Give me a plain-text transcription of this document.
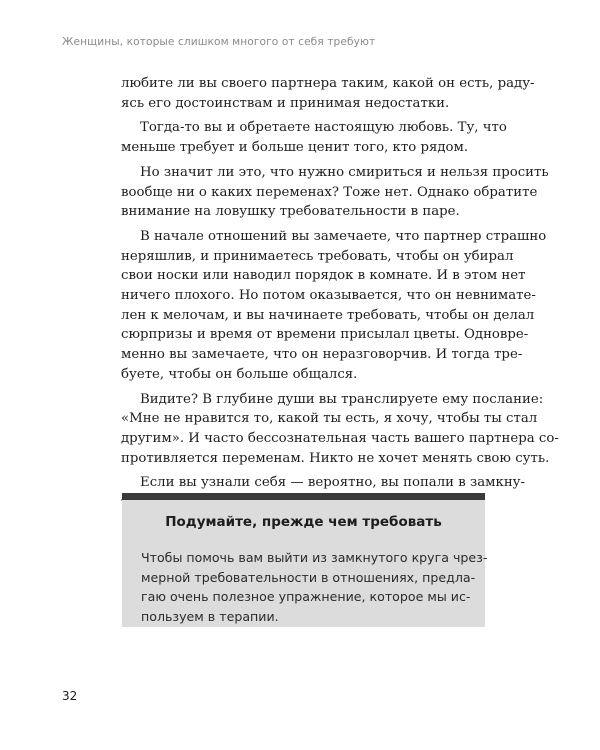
Женщины, которые слишком многого от себя требуют

любите ли вы своего партнера таким, какой он есть, раду-
ясь его достоинствам и принимая недостатки.

Тогда-то вы и обретаете настоящую любовь. Ту, что
меньше требует и больше ценит того, кто рядом.

Но значит ли это, что нужно смириться и нельзя просить
вообще ни о каких переменах? Тоже нет. Однако обратите
внимание на ловушку требовательности в паре.

В начале отношений вы замечаете, что партнер страшно
неряшлив, и принимаетесь требовать, чтобы он убирал
свои носки или наводил порядок в комнате. И в этом нет
ничего плохого. Но потом оказывается, что он невнимате-
лен к мелочам, и вы начинаете требовать, чтобы он делал
сюрпризы и время от времени присылал цветы. Одновре-
менно вы замечаете, что он неразговорчив. И тогда тре-
буете, чтобы он больше общался.

Видите? В глубине души вы транслируете ему послание:
«Мне не нравится то, какой ты есть, я хочу, чтобы ты стал
другим». И часто бессознательная часть вашего партнера со-
противляется переменам. Никто не хочет менять свою суть.

Если вы узнали себя — вероятно, вы попали в замкну-

Подумайте, прежде чем требовать
Чтобы помочь вам выйти из замкнутого круга чрез-
мерной требовательности в отношениях, предла-
гаю очень полезное упражнение, которое мы ис-
пользуем в терапии.
32
